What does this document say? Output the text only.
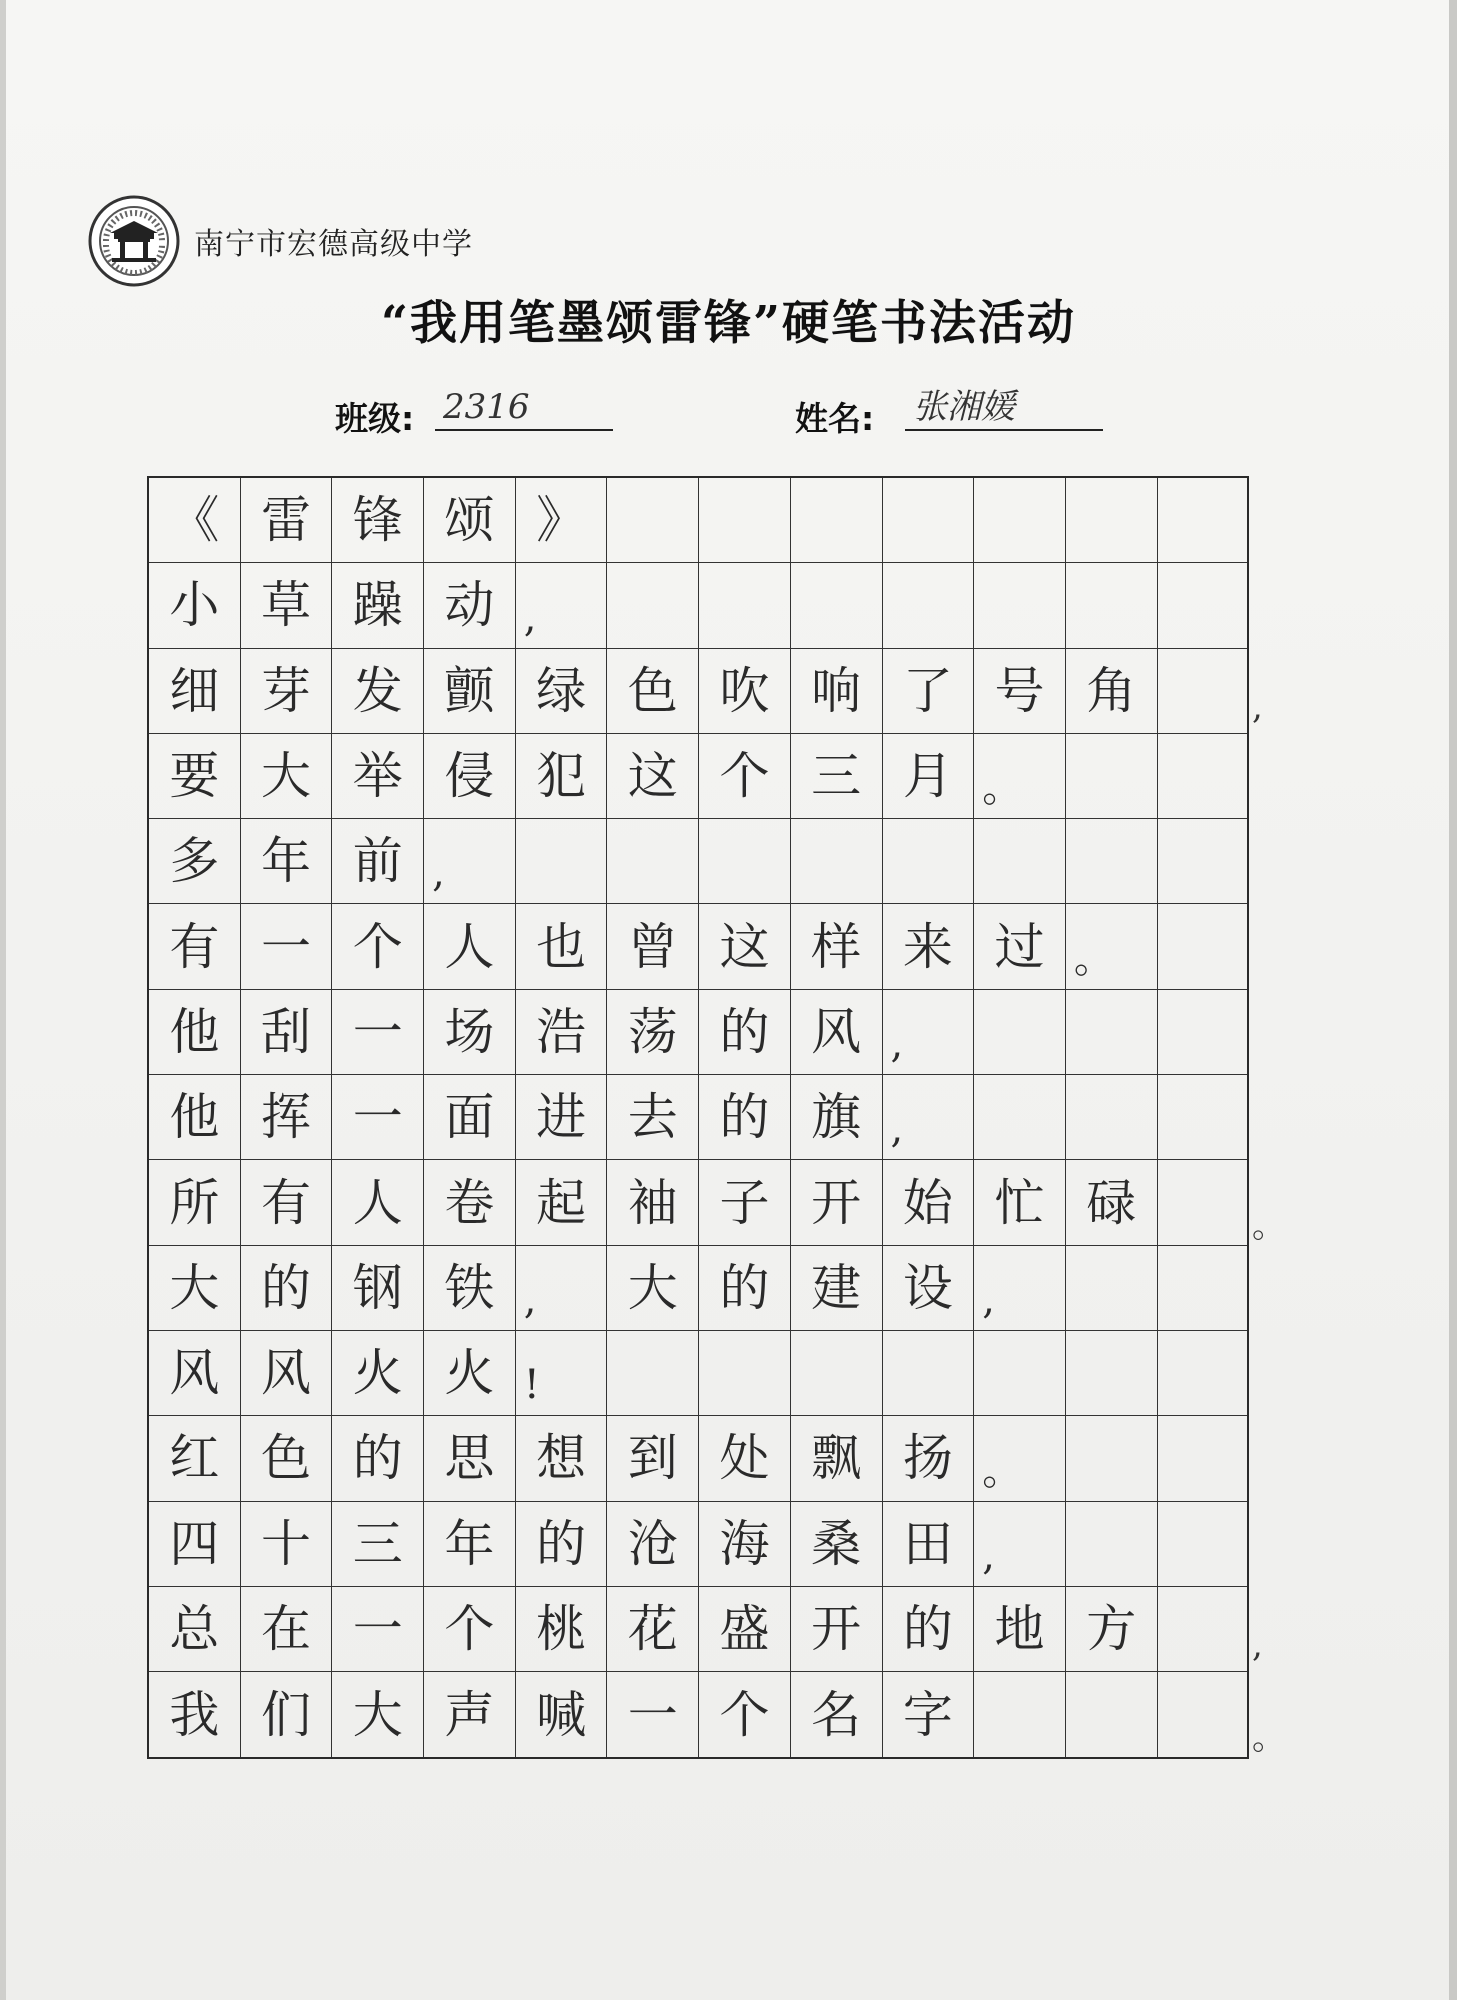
南宁市宏德高级中学
“我用笔墨颂雷锋”硬笔书法活动
班级: 2316	姓名: 张湘媛
《 雷 锋 颂 》
小 草 躁 动 ,
细 芽 发 颤 绿 色 吹 响 了 号 角
要 大 举 侵 犯 这 个 三 月 。
多 年 前 ,
有 一 个 人 也 曾 这 样 来 过 。
他 刮 一 场 浩 荡 的 风 ,
他 挥 一 面 进 去 的 旗 ,
所 有 人 卷 起 袖 子 开 始 忙 碌
大 的 钢 铁 ,	大 的 建 设 ,
风 风 火 火 !
红 色 的 思 想 到 处 飘 扬 。
四 十 三 年 的 沧 海 桑 田 ,
总 在 一 个 桃 花 盛 开 的 地 方
我 们 大 声 喊 一 个 名 字
,
。
,
。
